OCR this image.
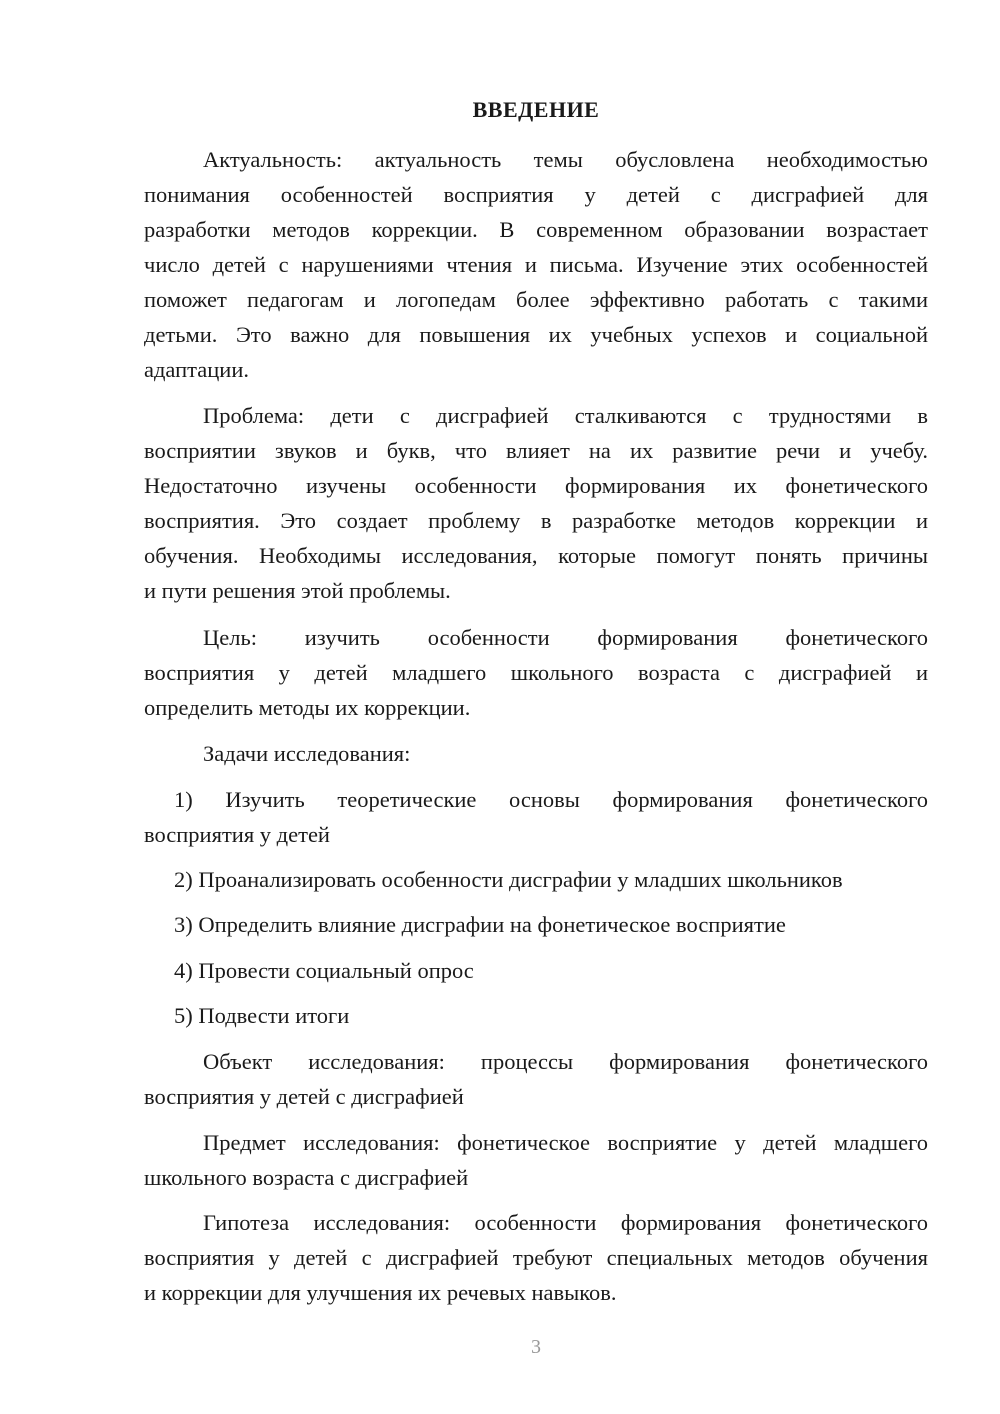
ВВЕДЕНИЕ
Актуальность: актуальность темы обусловлена необходимостью
понимания особенностей восприятия у детей с дисграфией для
разработки методов коррекции. В современном образовании возрастает
число детей с нарушениями чтения и письма. Изучение этих особенностей
поможет педагогам и логопедам более эффективно работать с такими
детьми. Это важно для повышения их учебных успехов и социальной
адаптации.
Проблема: дети с дисграфией сталкиваются с трудностями в
восприятии звуков и букв, что влияет на их развитие речи и учебу.
Недостаточно изучены особенности формирования их фонетического
восприятия. Это создает проблему в разработке методов коррекции и
обучения. Необходимы исследования, которые помогут понять причины
и пути решения этой проблемы.
Цель: изучить особенности формирования фонетического
восприятия у детей младшего школьного возраста с дисграфией и
определить методы их коррекции.
Задачи исследования:
1) Изучить теоретические основы формирования фонетического
восприятия у детей
2) Проанализировать особенности дисграфии у младших школьников
3) Определить влияние дисграфии на фонетическое восприятие
4) Провести социальный опрос
5) Подвести итоги
Объект исследования: процессы формирования фонетического
восприятия у детей с дисграфией
Предмет исследования: фонетическое восприятие у детей младшего
школьного возраста с дисграфией
Гипотеза исследования: особенности формирования фонетического
восприятия у детей с дисграфией требуют специальных методов обучения
и коррекции для улучшения их речевых навыков.
3
